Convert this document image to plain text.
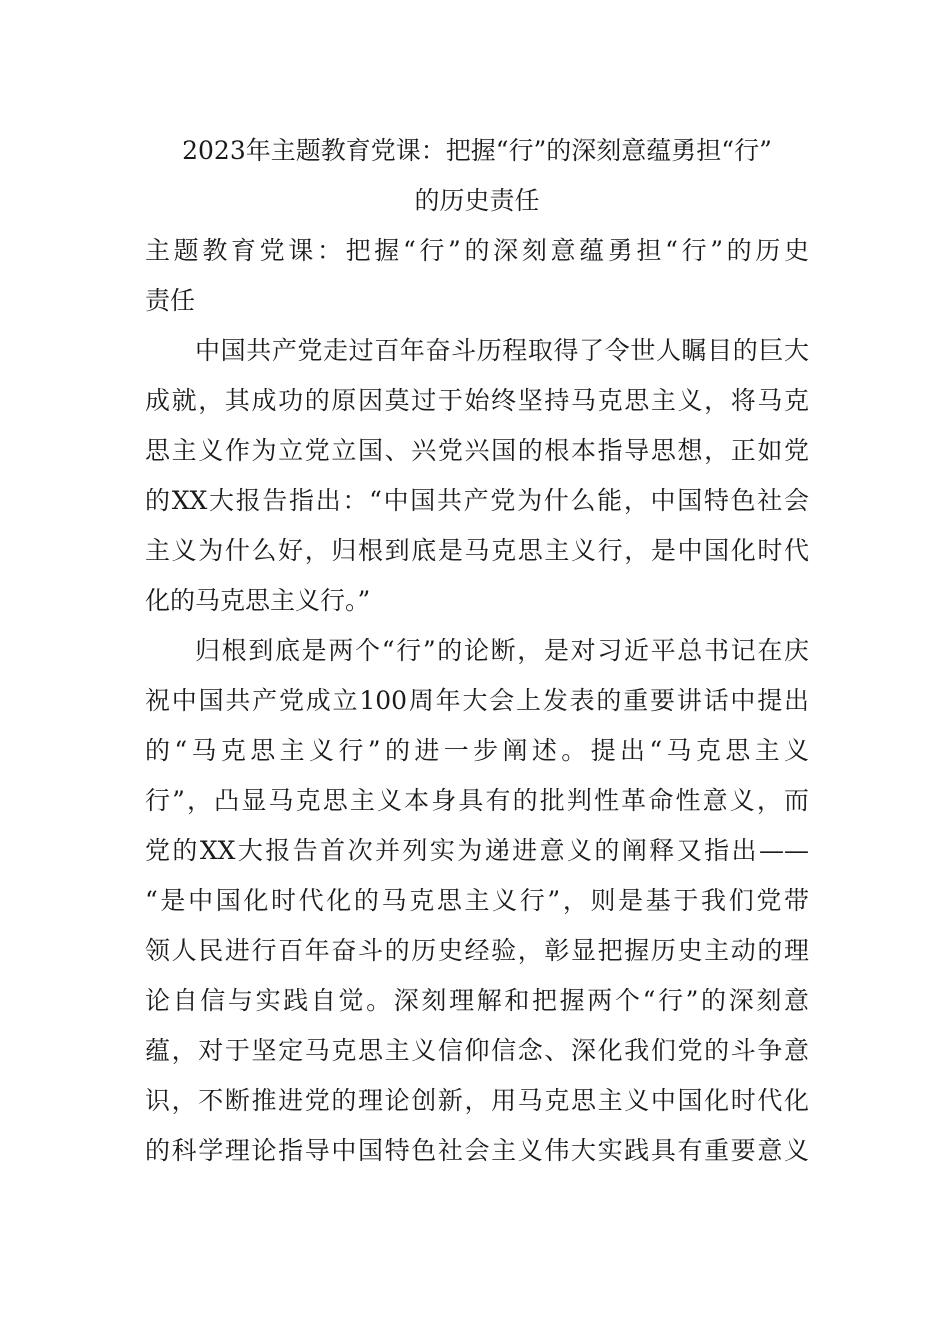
2023年主题教育党课：把握“行”的深刻意蕴勇担“行”
的历史责任

主题教育党课：把握“行”的深刻意蕴勇担“行”的历史
责任

中国共产党走过百年奋斗历程取得了令世人瞩目的巨大
成就，其成功的原因莫过于始终坚持马克思主义，将马克
思主义作为立党立国、兴党兴国的根本指导思想，正如党
的XX大报告指出：“中国共产党为什么能，中国特色社会
主义为什么好，归根到底是马克思主义行，是中国化时代
化的马克思主义行。”
归根到底是两个“行”的论断，是对习近平总书记在庆
祝中国共产党成立100周年大会上发表的重要讲话中提出
的“马克思主义行”的进一步阐述。提出“马克思主义
行”，凸显马克思主义本身具有的批判性革命性意义，而
党的XX大报告首次并列实为递进意义的阐释又指出——
“是中国化时代化的马克思主义行”，则是基于我们党带
领人民进行百年奋斗的历史经验，彰显把握历史主动的理
论自信与实践自觉。深刻理解和把握两个“行”的深刻意
蕴，对于坚定马克思主义信仰信念、深化我们党的斗争意
识，不断推进党的理论创新，用马克思主义中国化时代化
的科学理论指导中国特色社会主义伟大实践具有重要意义
